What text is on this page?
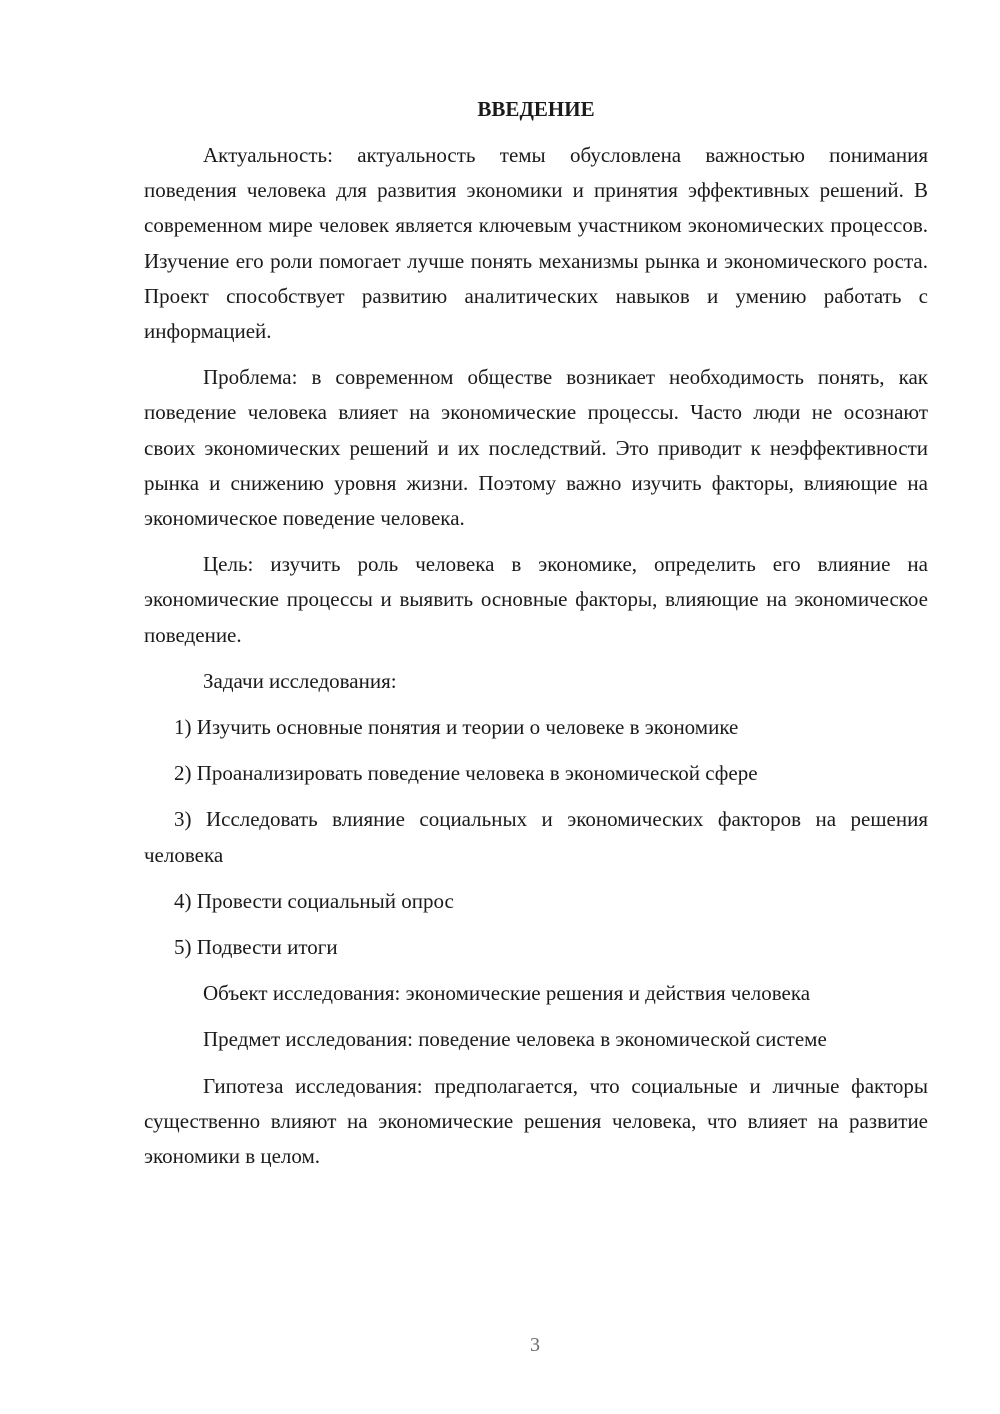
ВВЕДЕНИЕ

Актуальность: актуальность темы обусловлена важностью понимания поведения человека для развития экономики и принятия эффективных решений. В современном мире человек является ключевым участником экономических процессов. Изучение его роли помогает лучше понять механизмы рынка и экономического роста. Проект способствует развитию аналитических навыков и умению работать с информацией.

Проблема: в современном обществе возникает необходимость понять, как поведение человека влияет на экономические процессы. Часто люди не осознают своих экономических решений и их последствий. Это приводит к неэффективности рынка и снижению уровня жизни. Поэтому важно изучить факторы, влияющие на экономическое поведение человека.

Цель: изучить роль человека в экономике, определить его влияние на экономические процессы и выявить основные факторы, влияющие на экономическое поведение.

Задачи исследования:

1) Изучить основные понятия и теории о человеке в экономике

2) Проанализировать поведение человека в экономической сфере

3) Исследовать влияние социальных и экономических факторов на решения человека

4) Провести социальный опрос

5) Подвести итоги

Объект исследования: экономические решения и действия человека

Предмет исследования: поведение человека в экономической системе

Гипотеза исследования: предполагается, что социальные и личные факторы существенно влияют на экономические решения человека, что влияет на развитие экономики в целом.

3
